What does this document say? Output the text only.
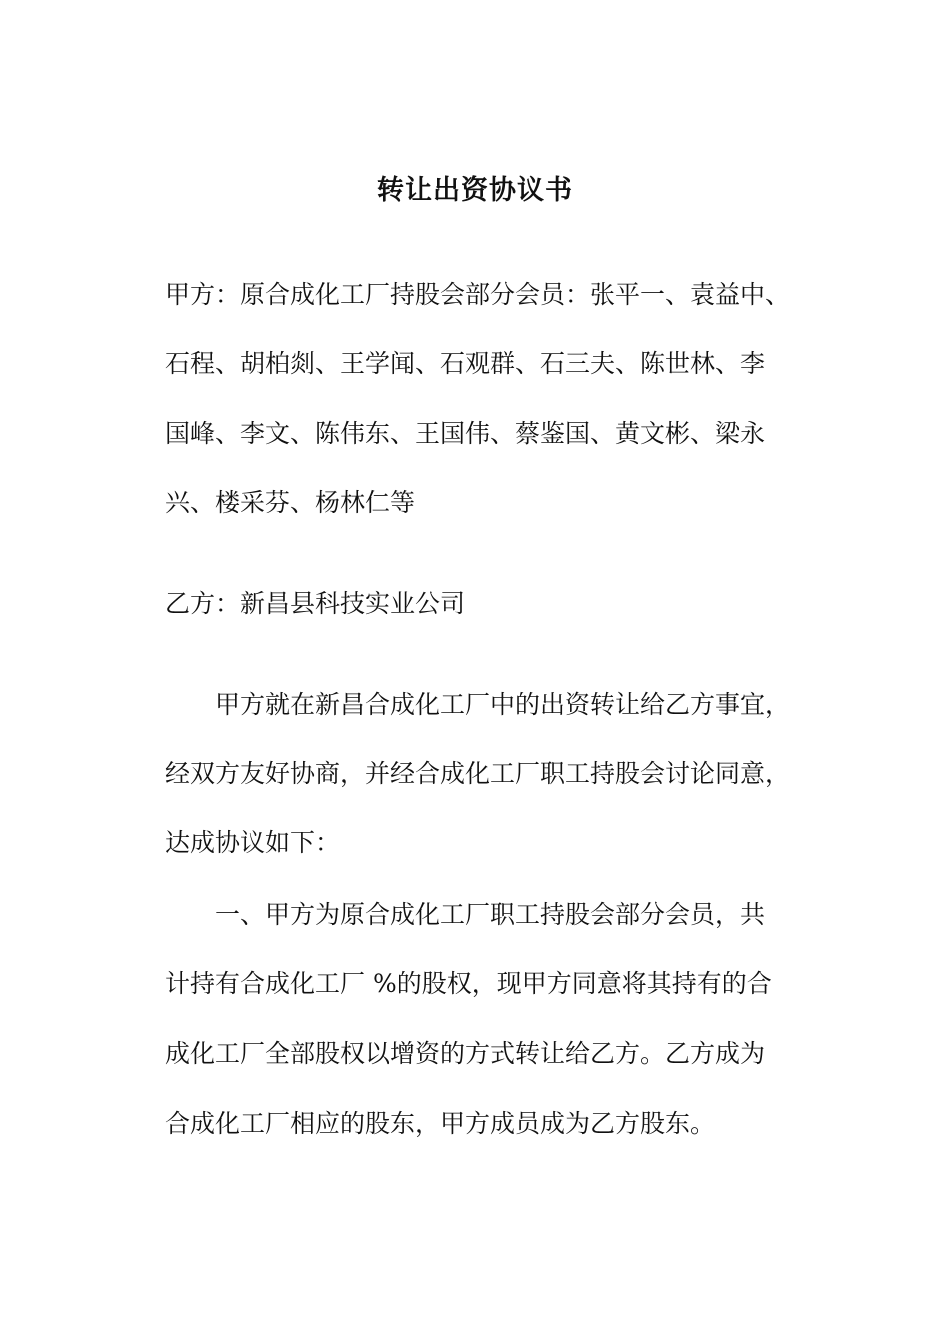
转让出资协议书

甲方：原合成化工厂持股会部分会员：张平一、袁益中、

石程、胡柏剡、王学闻、石观群、石三夫、陈世林、李

国峰、李文、陈伟东、王国伟、蔡鉴国、黄文彬、梁永

兴、楼采芬、杨林仁等

乙方：新昌县科技实业公司

　　甲方就在新昌合成化工厂中的出资转让给乙方事宜，

经双方友好协商，并经合成化工厂职工持股会讨论同意，

达成协议如下：

　　一、甲方为原合成化工厂职工持股会部分会员，共

计持有合成化工厂 %的股权，现甲方同意将其持有的合

成化工厂全部股权以增资的方式转让给乙方。乙方成为

合成化工厂相应的股东，甲方成员成为乙方股东。
